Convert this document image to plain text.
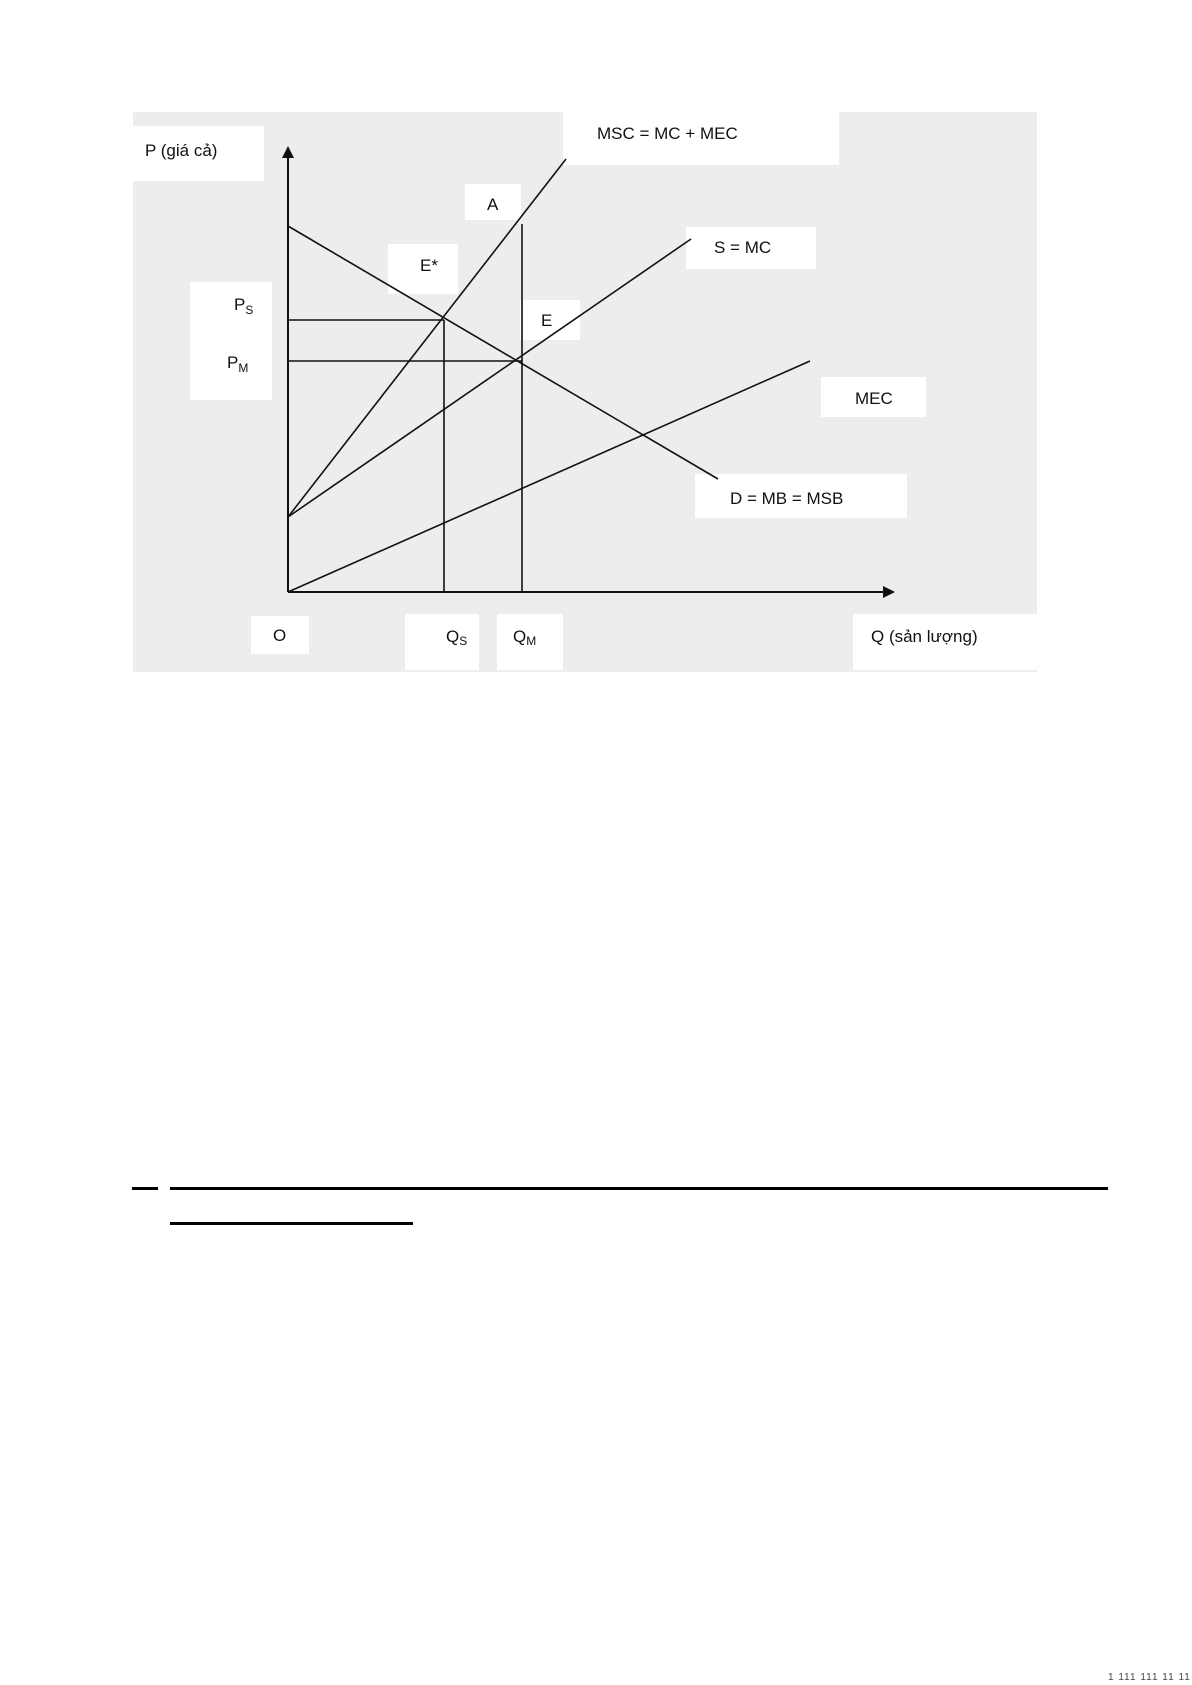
P (giá cả)
MSC = MC + MEC
A
E*
S = MC
$P_S$
$P_M$
E
MEC
D = MB = MSB
O	QS	QM	Q (sản lượng)
1 111 111 11 11
